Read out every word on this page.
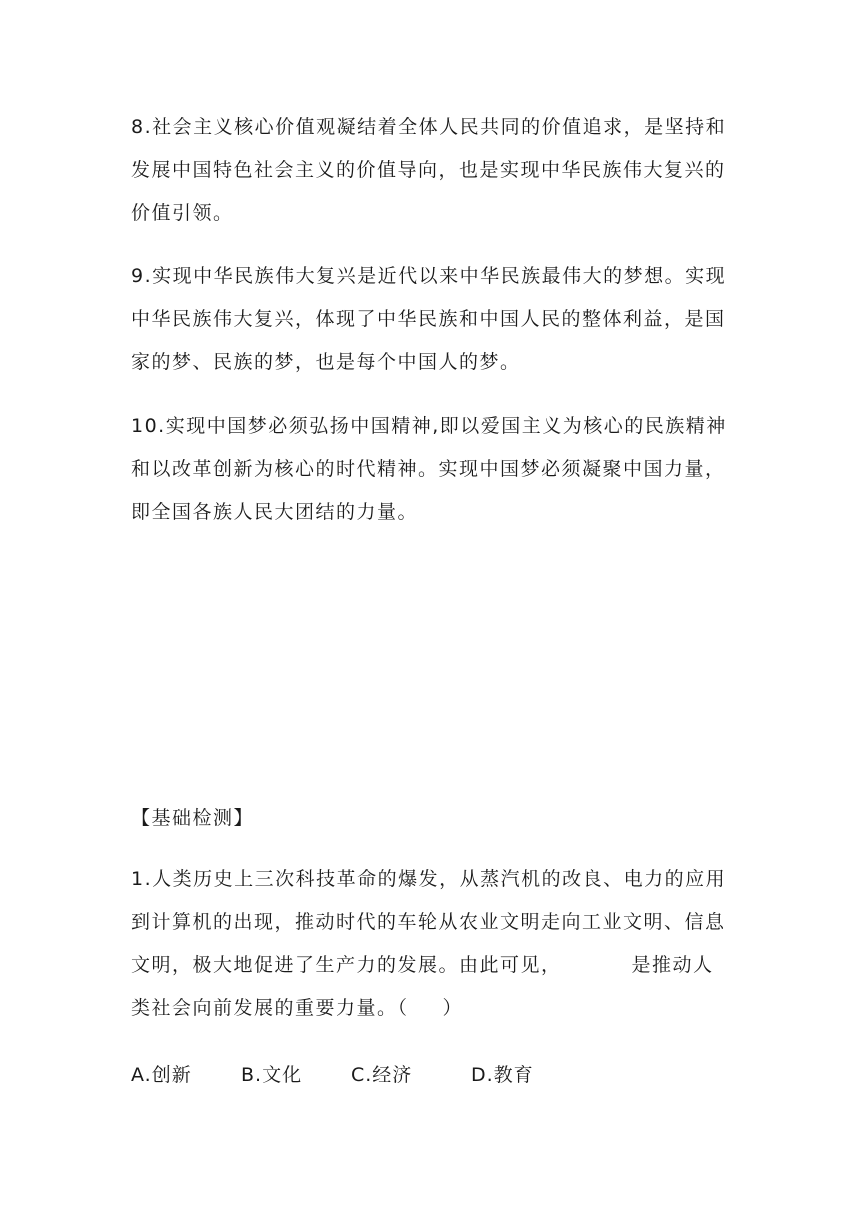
8.社会主义核心价值观凝结着全体人民共同的价值追求，是坚持和发展中国特色社会主义的价值导向，也是实现中华民族伟大复兴的价值引领。

9.实现中华民族伟大复兴是近代以来中华民族最伟大的梦想。实现中华民族伟大复兴，体现了中华民族和中国人民的整体利益，是国家的梦、民族的梦，也是每个中国人的梦。

10.实现中国梦必须弘扬中国精神,即以爱国主义为核心的民族精神和以改革创新为核心的时代精神。实现中国梦必须凝聚中国力量，即全国各族人民大团结的力量。

【基础检测】

1.人类历史上三次科技革命的爆发，从蒸汽机的改良、电力的应用到计算机的出现，推动时代的车轮从农业文明走向工业文明、信息文明，极大地促进了生产力的发展。由此可见，	是推动人类社会向前发展的重要力量。（ ）

A.创新	B.文化	C.经济	D.教育
